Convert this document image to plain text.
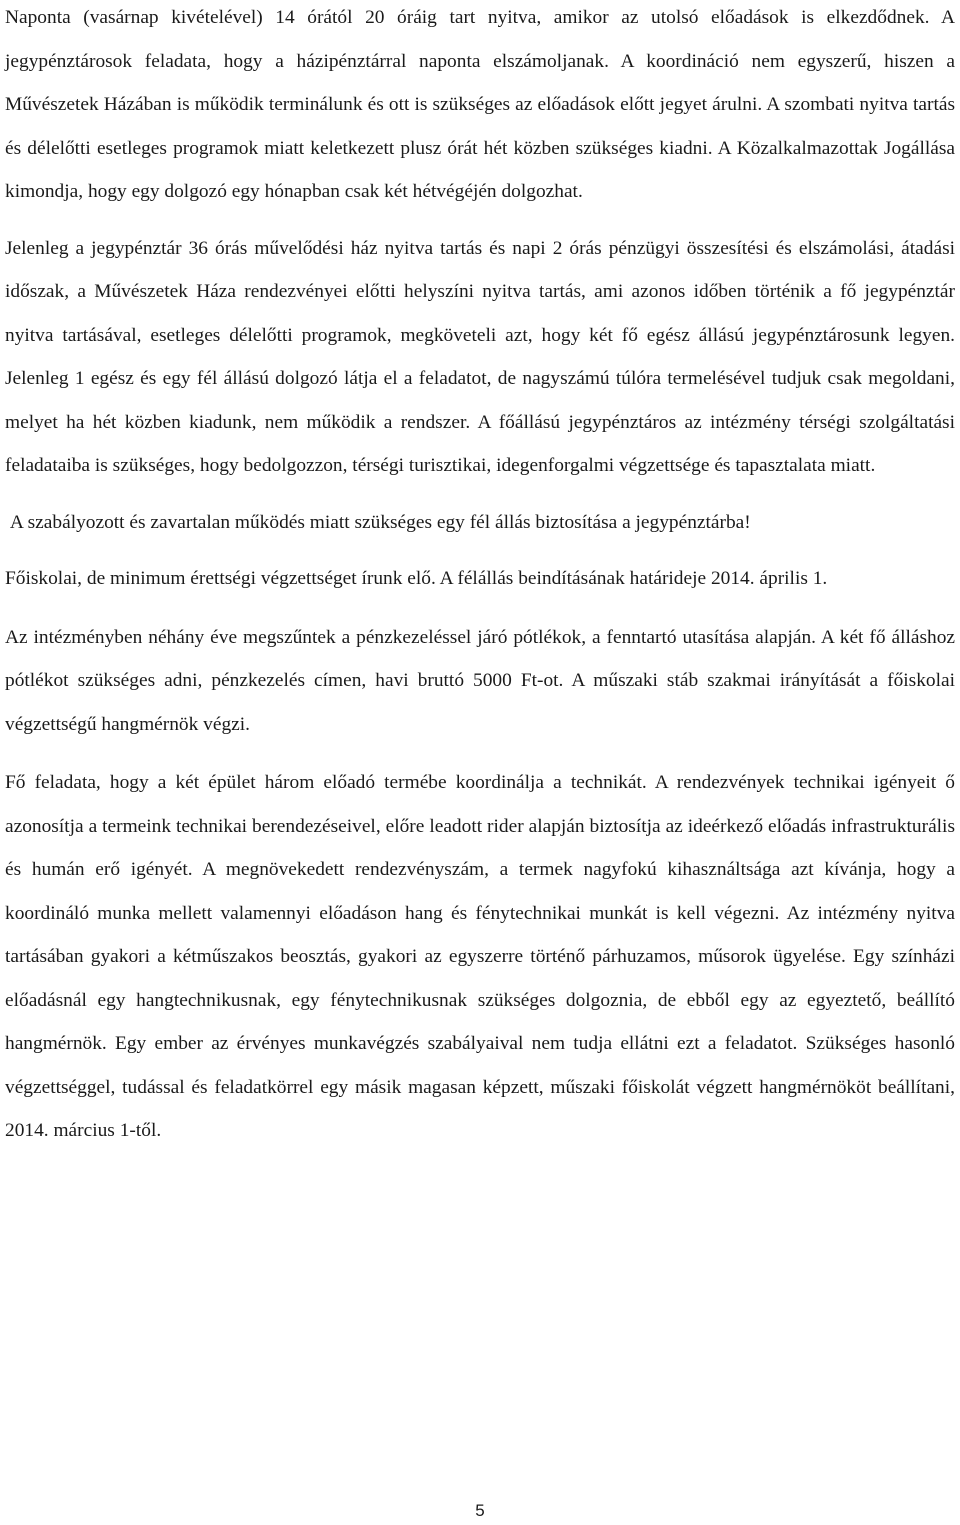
Naponta (vasárnap kivételével) 14 órától 20 óráig tart nyitva, amikor az utolsó előadások is elkezdődnek. A jegypénztárosok feladata, hogy a házipénztárral naponta elszámoljanak. A koordináció nem egyszerű, hiszen a Művészetek Házában is működik terminálunk és ott is szükséges az előadások előtt jegyet árulni. A szombati nyitva tartás és délelőtti esetleges programok miatt keletkezett plusz órát hét közben szükséges kiadni. A Közalkalmazottak Jogállása kimondja, hogy egy dolgozó egy hónapban csak két hétvégéjén dolgozhat.

Jelenleg a jegypénztár 36 órás művelődési ház nyitva tartás és napi 2 órás pénzügyi összesítési és elszámolási, átadási időszak, a Művészetek Háza rendezvényei előtti helyszíni nyitva tartás, ami azonos időben történik a fő jegypénztár nyitva tartásával, esetleges délelőtti programok, megköveteli azt, hogy két fő egész állású jegypénztárosunk legyen. Jelenleg 1 egész és egy fél állású dolgozó látja el a feladatot, de nagyszámú túlóra termelésével tudjuk csak megoldani, melyet ha hét közben kiadunk, nem működik a rendszer. A főállású jegypénztáros az intézmény térségi szolgáltatási feladataiba is szükséges, hogy bedolgozzon, térségi turisztikai, idegenforgalmi végzettsége és tapasztalata miatt.

A szabályozott és zavartalan működés miatt szükséges egy fél állás biztosítása a jegypénztárba!

Főiskolai, de minimum érettségi végzettséget írunk elő. A félállás beindításának határideje 2014. április 1.

Az intézményben néhány éve megszűntek a pénzkezeléssel járó pótlékok, a fenntartó utasítása alapján. A két fő álláshoz pótlékot szükséges adni, pénzkezelés címen, havi bruttó 5000 Ft-ot. A műszaki stáb szakmai irányítását a főiskolai végzettségű hangmérnök végzi.

Fő feladata, hogy a két épület három előadó termébe koordinálja a technikát. A rendezvények technikai igényeit ő azonosítja a termeink technikai berendezéseivel, előre leadott rider alapján biztosítja az ideérkező előadás infrastrukturális és humán erő igényét. A megnövekedett rendezvényszám, a termek nagyfokú kihasználtsága azt kívánja, hogy a koordináló munka mellett valamennyi előadáson hang és fénytechnikai munkát is kell végezni. Az intézmény nyitva tartásában gyakori a kétműszakos beosztás, gyakori az egyszerre történő párhuzamos, műsorok ügyelése. Egy színházi előadásnál egy hangtechnikusnak, egy fénytechnikusnak szükséges dolgoznia, de ebből egy az egyeztető, beállító hangmérnök. Egy ember az érvényes munkavégzés szabályaival nem tudja ellátni ezt a feladatot. Szükséges hasonló végzettséggel, tudással és feladatkörrel egy másik magasan képzett, műszaki főiskolát végzett hangmérnököt beállítani, 2014. március 1-től.

5
